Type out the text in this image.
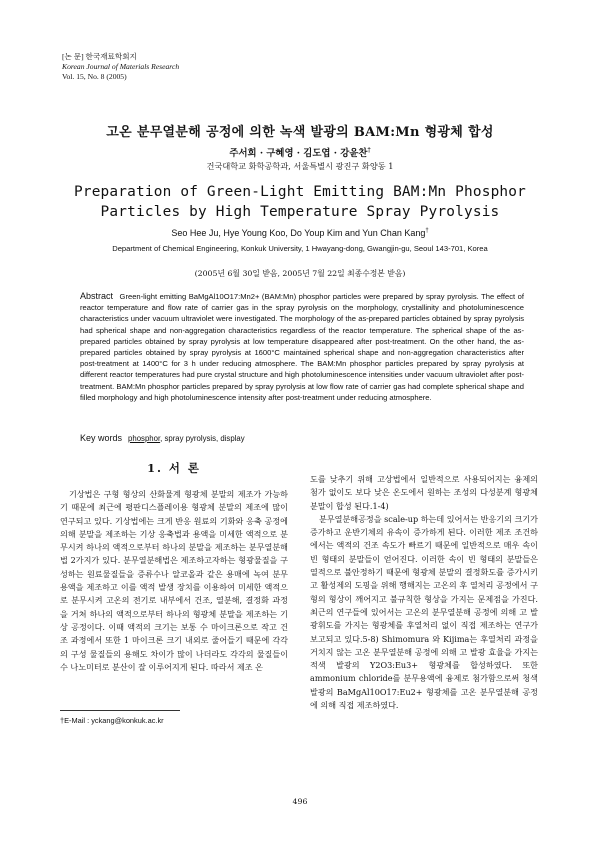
[논 문] 한국재료학회지
Korean Journal of Materials Research
Vol. 15, No. 8 (2005)
고온 분무열분해 공정에 의한 녹색 발광의 BAM:Mn 형광체 합성
주서희 · 구혜영 · 김도엽 · 강윤찬†
건국대학교 화학공학과, 서울특별시 광진구 화양동 1
Preparation of Green-Light Emitting BAM:Mn Phosphor
Particles by High Temperature Spray Pyrolysis
Seo Hee Ju, Hye Young Koo, Do Youp Kim and Yun Chan Kang†
Department of Chemical Engineering, Konkuk University, 1 Hwayang-dong, Gwangjin-gu, Seoul 143-701, Korea
(2005년 6월 30일 받음, 2005년 7월 22일 최종수정본 받음)
Abstract Green-light emitting BaMgAl10O17:Mn2+ (BAM:Mn) phosphor particles were prepared by spray pyrolysis. The effect of reactor temperature and flow rate of carrier gas in the spray pyrolysis on the morphology, crystallinity and photoluminescence characteristics under vacuum ultraviolet were investigated. The morphology of the as-prepared particles obtained by spray pyrolysis had spherical shape and non-aggregation characteristics regardless of the reactor temperature. The spherical shape of the as-prepared particles obtained by spray pyrolysis at low temperature disappeared after post-treatment. On the other hand, the as-prepared particles obtained by spray pyrolysis at 1600°C maintained spherical shape and non-aggregation characteristics after post-treatment at 1400°C for 3 h under reducing atmosphere. The BAM:Mn phosphor particles prepared by spray pyrolysis at different reactor temperatures had pure crystal structure and high photoluminescence intensities under vacuum ultraviolet after post-treatment. BAM:Mn phosphor particles prepared by spray pyrolysis at low flow rate of carrier gas had complete spherical shape and filled morphology and high photoluminescence intensity after post-treatment under reducing atmosphere.
Key words phosphor, spray pyrolysis, display
1. 서 론

기상법은 구형 형상의 산화물계 형광체 분말의 제조가 가능하기 때문에 최근에 평판디스플레이용 형광체 분말의 제조에 많이 연구되고 있다. 기상법에는 크게 반응 원료의 기화와 응축 공정에 의해 분말을 제조하는 기상 응축법과 용액을 미세한 액적으로 분무시켜 하나의 액적으로부터 하나의 분말을 제조하는 분무열분해법 2가지가 있다. 분무열분해법은 제조하고자하는 형광물질을 구성하는 원료물질들을 증류수나 알코올과 같은 용매에 녹여 분무용액을 제조하고 이를 액적 발생 장치를 이용하여 미세한 액적으로 분무시켜 고온의 전기로 내부에서 건조, 열분해, 결정화 과정을 거쳐 하나의 액적으로부터 하나의 형광체 분말을 제조하는 기상 공정이다. 이때 액적의 크기는 보통 수 마이크론으로 작고 건조 과정에서 또한 1 마이크론 크기 내외로 줄어들기 때문에 각각의 구성 물질들의 용해도 차이가 많이 나더라도 각각의 물질들이 수 나노미터로 분산이 잘 이루어지게 된다. 따라서 제조 온

도를 낮추기 위해 고상법에서 일반적으로 사용되어지는 융제의 첨가 없이도 보다 낮은 온도에서 원하는 조성의 다성분계 형광체 분말이 합성 된다.1-4)

분무열분해공정을 scale-up 하는데 있어서는 반응기의 크기가 증가하고 운반기체의 유속이 증가하게 된다. 이러한 제조 조건하에서는 액적의 건조 속도가 빠르기 때문에 일반적으로 매우 속이 빈 형태의 분말들이 얻어진다. 이러한 속이 빈 형태의 분말들은 열적으로 불안정하기 때문에 형광체 분말의 결정화도를 증가시키고 활성제의 도핑을 위해 행해지는 고온의 후 열처리 공정에서 구형의 형상이 깨어지고 불규칙한 형상을 가지는 문제점을 가진다. 최근의 연구들에 있어서는 고온의 분무열분해 공정에 의해 고 발광휘도를 가지는 형광체를 후열처리 없이 직접 제조하는 연구가 보고되고 있다.5-8) Shimomura 와 Kijima는 후열처리 과정을 거치지 않는 고온 분무열분해 공정에 의해 고 발광 효율을 가지는 적색 발광의 Y2O3:Eu3+ 형광체를 합성하였다. 또한 ammonium chloride를 분무용액에 융제로 첨가함으로써 청색 발광의 BaMgAl10O17:Eu2+ 형광체를 고온 분무열분해 공정에 의해 직접 제조하였다.

†E-Mail : yckang@konkuk.ac.kr
496
